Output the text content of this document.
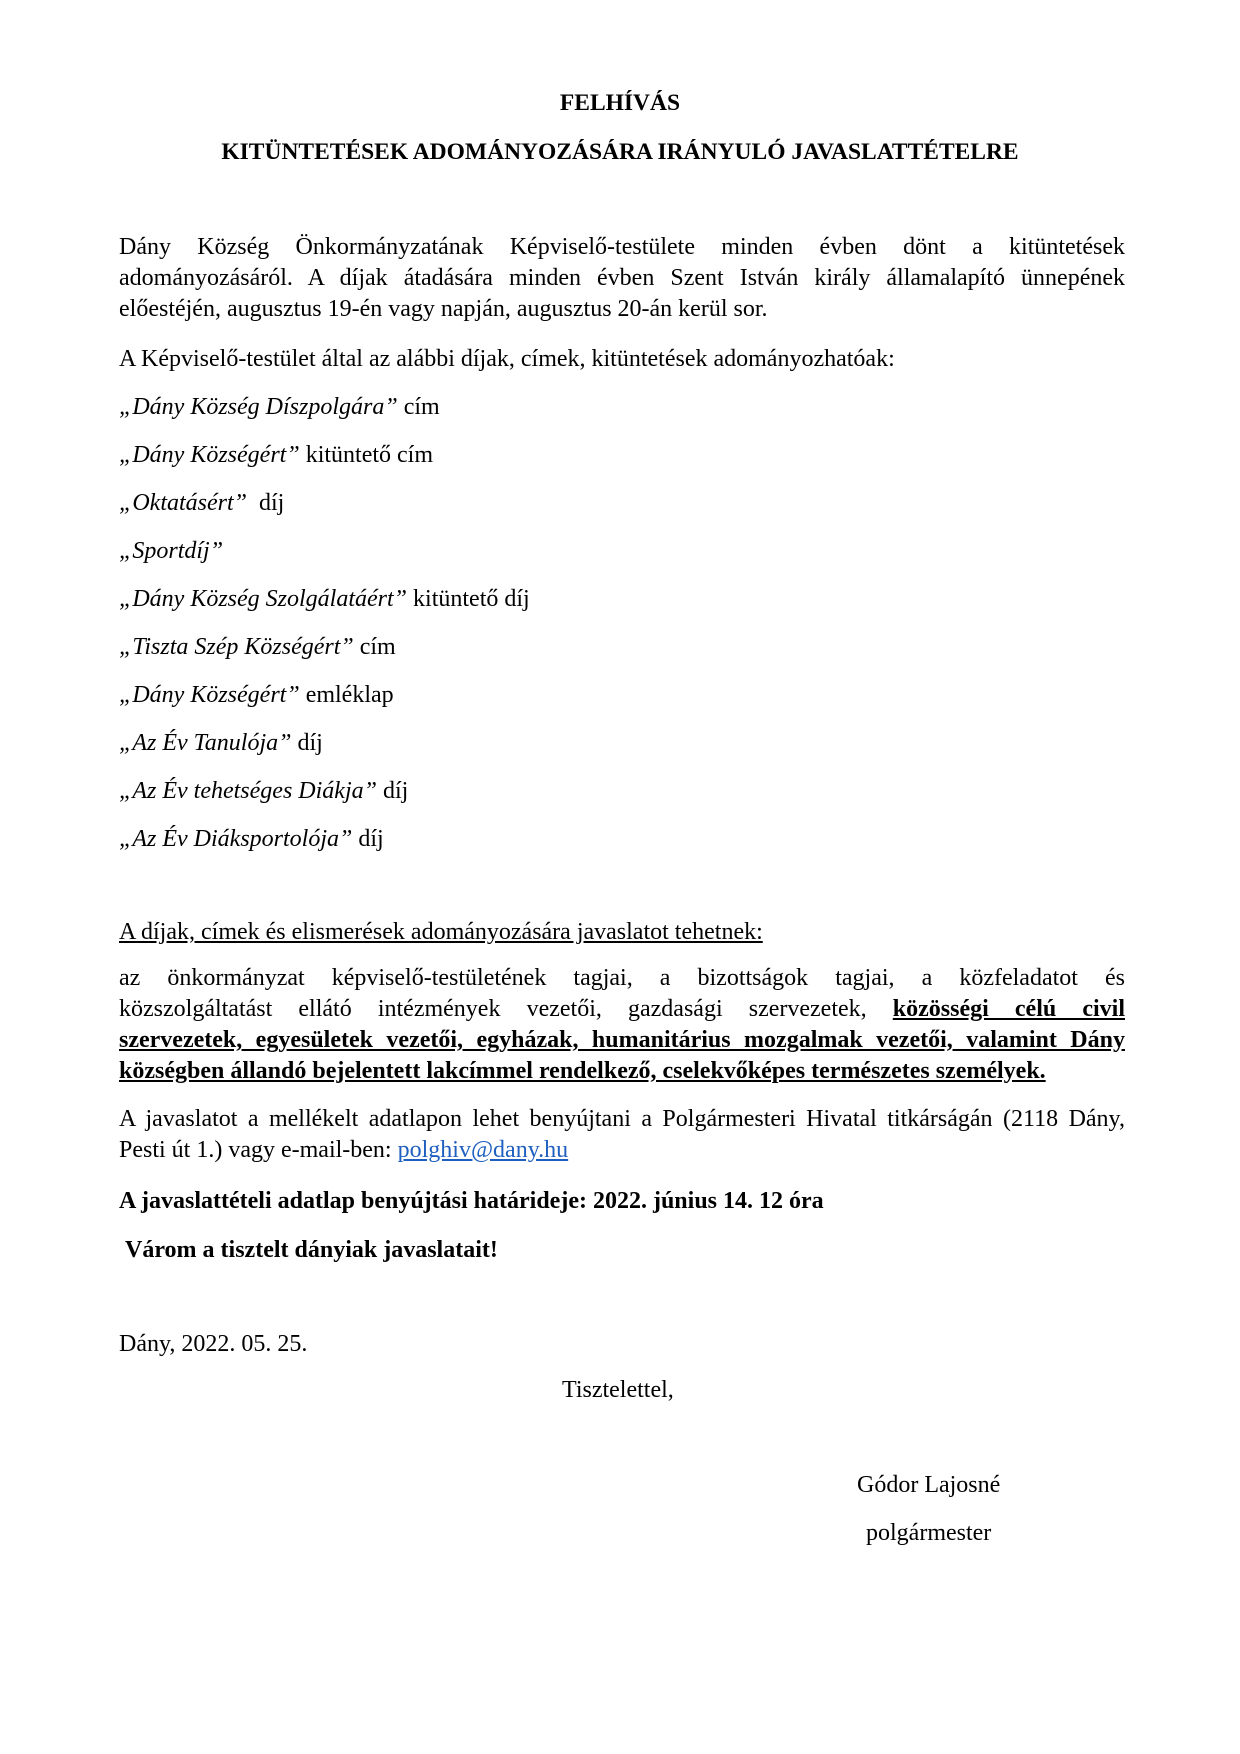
FELHÍVÁS
KITÜNTETÉSEK ADOMÁNYOZÁSÁRA IRÁNYULÓ JAVASLATTÉTELRE
Dány Község Önkormányzatának Képviselő-testülete minden évben dönt a kitüntetések
adományozásáról. A díjak átadására minden évben Szent István király államalapító ünnepének
előestéjén, augusztus 19-én vagy napján, augusztus 20-án kerül sor.
A Képviselő-testület által az alábbi díjak, címek, kitüntetések adományozhatóak:
„Dány Község Díszpolgára” cím
„Dány Községért” kitüntető cím
„Oktatásért”  díj
„Sportdíj”
„Dány Község Szolgálatáért” kitüntető díj
„Tiszta Szép Községért” cím
„Dány Községért” emléklap
„Az Év Tanulója” díj
„Az Év tehetséges Diákja” díj
„Az Év Diáksportolója” díj
A díjak, címek és elismerések adományozására javaslatot tehetnek:
az önkormányzat képviselő-testületének tagjai, a bizottságok tagjai, a közfeladatot és
közszolgáltatást ellátó intézmények vezetői, gazdasági szervezetek, közösségi célú civil
szervezetek, egyesületek vezetői, egyházak, humanitárius mozgalmak vezetői, valamint Dány
községben állandó bejelentett lakcímmel rendelkező, cselekvőképes természetes személyek.
A javaslatot a mellékelt adatlapon lehet benyújtani a Polgármesteri Hivatal titkárságán (2118 Dány,
Pesti út 1.) vagy e-mail-ben: polghiv@dany.hu
A javaslattételi adatlap benyújtási határideje: 2022. június 14. 12 óra
Várom a tisztelt dányiak javaslatait!
Dány, 2022. 05. 25.
Tisztelettel,
Gódor Lajosné
polgármester
